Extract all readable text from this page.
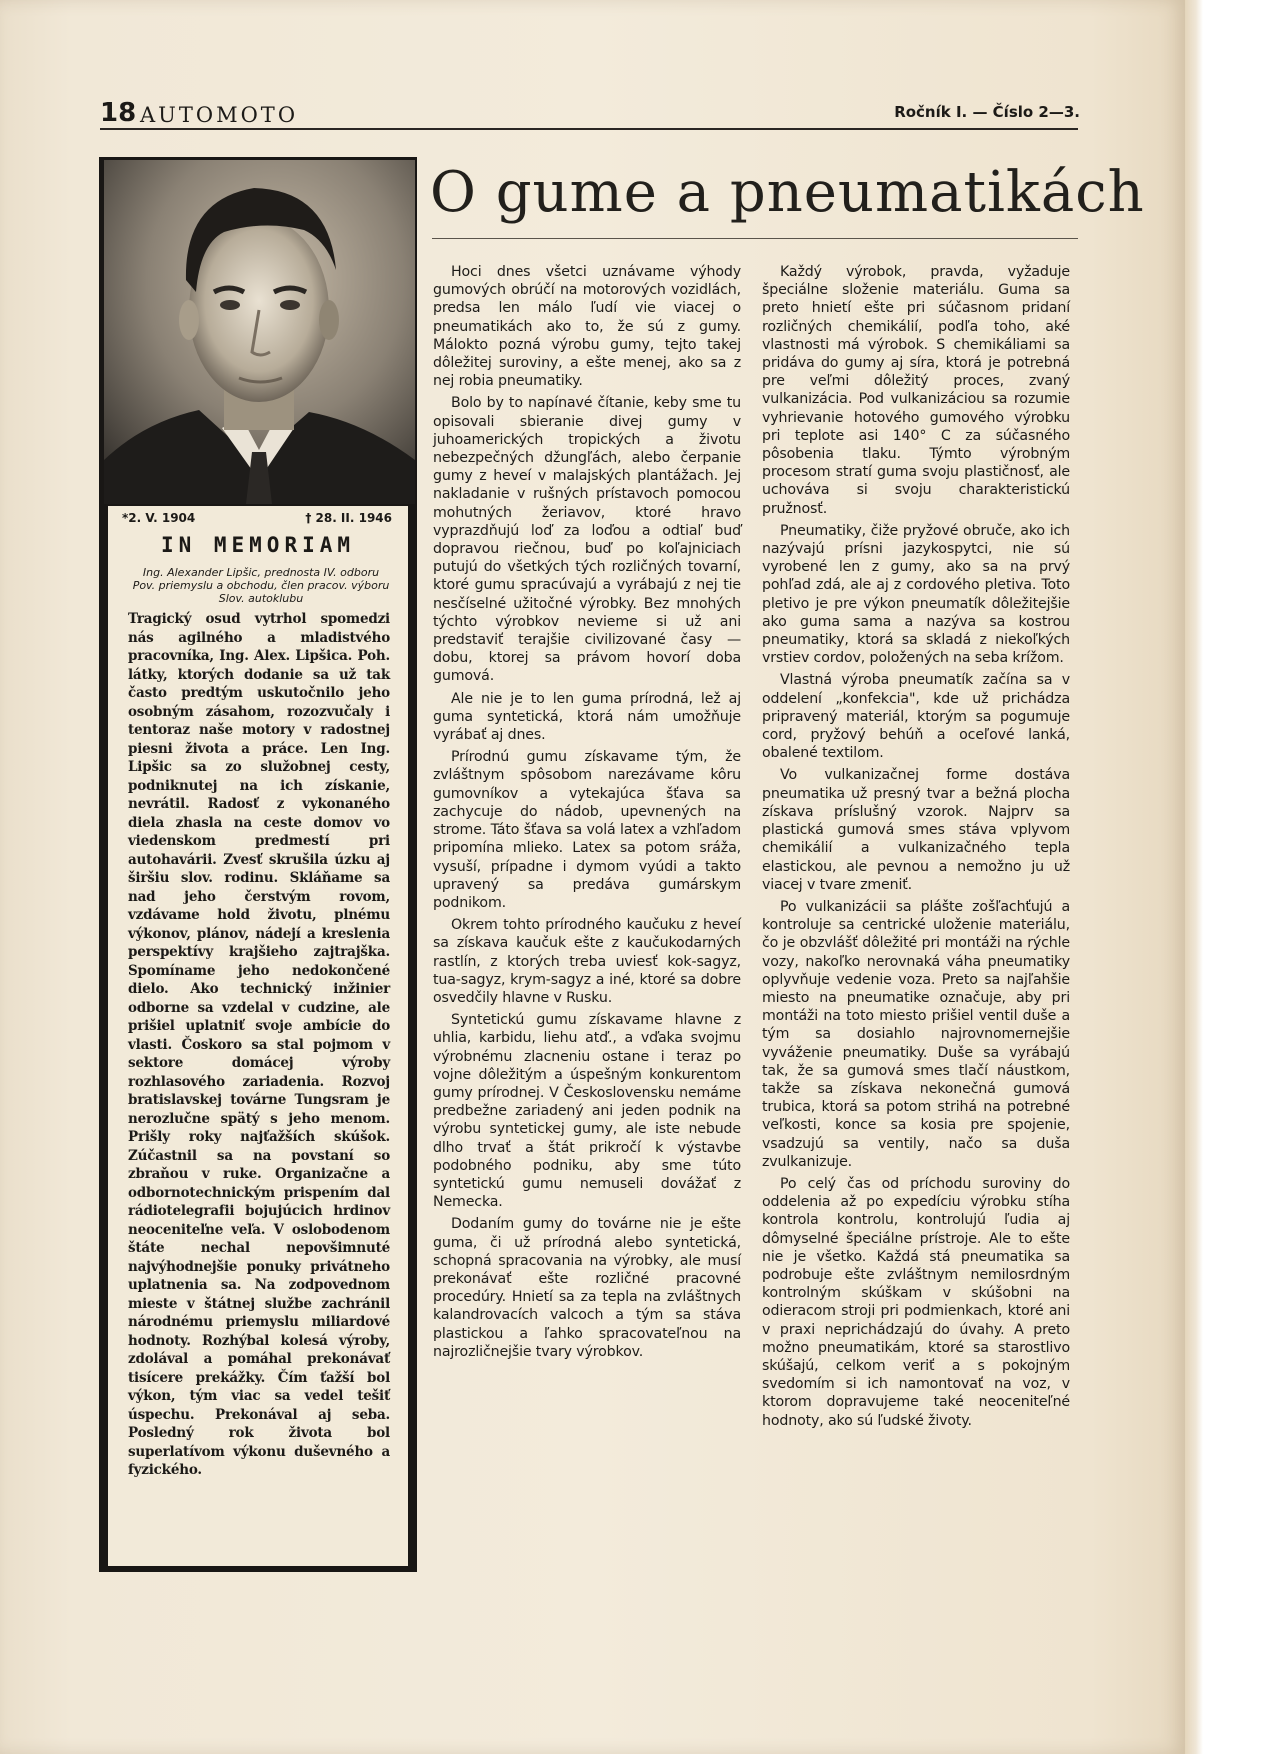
18 AUTOMOTO	Ročník I. — Číslo 2—3.
*2. V. 1904	† 28. II. 1946
IN MEMORIAM
Ing. Alexander Lipšic, prednosta IV. odboru Pov. priemyslu a obchodu, člen pracov. výboru Slov. autoklubu
Tragický osud vytrhol spomedzi nás agilného a mladistvého pracovníka, Ing. Alex. Lipšica. Poh. látky, ktorých dodanie sa už tak často predtým uskutočnilo jeho osobným zásahom, rozozvučaly i tentoraz naše motory v radostnej piesni života a práce. Len Ing. Lipšic sa zo služobnej cesty, podniknutej na ich získanie, nevrátil. Radosť z vykonaného diela zhasla na ceste domov vo viedenskom predmestí pri autohavárii. Zvesť skrušila úzku aj širšiu slov. rodinu. Skláňame sa nad jeho čerstvým rovom, vzdávame hold životu, plnému výkonov, plánov, nádejí a kreslenia perspektívy krajšieho zajtrajška. Spomíname jeho nedokončené dielo. Ako technický inžinier odborne sa vzdelal v cudzine, ale prišiel uplatniť svoje ambície do vlasti. Čoskoro sa stal pojmom v sektore domácej výroby rozhlasového zariadenia. Rozvoj bratislavskej továrne Tungsram je nerozlučne spätý s jeho menom. Prišly roky najťažších skúšok. Zúčastnil sa na povstaní so zbraňou v ruke. Organizačne a odbornotechnickým prispením dal rádiotelegrafii bojujúcich hrdinov neoceniteľne veľa. V oslobodenom štáte nechal nepovšimnuté najvýhodnejšie ponuky privátneho uplatnenia sa. Na zodpovednom mieste v štátnej službe zachránil národnému priemyslu miliardové hodnoty. Rozhýbal kolesá výroby, zdolával a pomáhal prekonávať tisícere prekážky. Čím ťažší bol výkon, tým viac sa vedel tešiť úspechu. Prekonával aj seba. Posledný rok života bol superlatívom výkonu duševného a fyzického.
O gume a pneumatikách

Hoci dnes všetci uznávame výhody gumových obrúčí na motorových vozidlách, predsa len málo ľudí vie viacej o pneumatikách ako to, že sú z gumy. Málokto pozná výrobu gumy, tejto takej dôležitej suroviny, a ešte menej, ako sa z nej robia pneumatiky.

Bolo by to napínavé čítanie, keby sme tu opisovali sbieranie divej gumy v juhoamerických tropických a životu nebezpečných džungľách, alebo čerpanie gumy z heveí v malajských plantážach. Jej nakladanie v rušných prístavoch pomocou mohutných žeriavov, ktoré hravo vyprazdňujú loď za loďou a odtiaľ buď dopravou riečnou, buď po koľajniciach putujú do všetkých tých rozličných tovarní, ktoré gumu spracúvajú a vyrábajú z nej tie nesčíselné užitočné výrobky. Bez mnohých týchto výrobkov nevieme si už ani predstaviť terajšie civilizované časy — dobu, ktorej sa právom hovorí doba gumová.

Ale nie je to len guma prírodná, lež aj guma syntetická, ktorá nám umožňuje vyrábať aj dnes.

Prírodnú gumu získavame tým, že zvláštnym spôsobom narezávame kôru gumovníkov a vytekajúca šťava sa zachycuje do nádob, upevnených na strome. Táto šťava sa volá latex a vzhľadom pripomína mlieko. Latex sa potom sráža, vysuší, prípadne i dymom vyúdi a takto upravený sa predáva gumárskym podnikom.

Okrem tohto prírodného kaučuku z heveí sa získava kaučuk ešte z kaučukodarných rastlín, z ktorých treba uviesť kok-sagyz, tua-sagyz, krym-sagyz a iné, ktoré sa dobre osvedčily hlavne v Rusku.

Syntetickú gumu získavame hlavne z uhlia, karbidu, liehu atď., a vďaka svojmu výrobnému zlacneniu ostane i teraz po vojne dôležitým a úspešným konkurentom gumy prírodnej. V Československu nemáme predbežne zariadený ani jeden podnik na výrobu syntetickej gumy, ale iste nebude dlho trvať a štát prikročí k výstavbe podobného podniku, aby sme túto syntetickú gumu nemuseli dovážať z Nemecka.

Dodaním gumy do továrne nie je ešte guma, či už prírodná alebo syntetická, schopná spracovania na výrobky, ale musí prekonávať ešte rozličné pracovné procedúry. Hnietí sa za tepla na zvláštnych kalandrovacích valcoch a tým sa stáva plastickou a ľahko spracovateľnou na najrozličnejšie tvary výrobkov.

Každý výrobok, pravda, vyžaduje špeciálne složenie materiálu. Guma sa preto hnietí ešte pri súčasnom pridaní rozličných chemikálií, podľa toho, aké vlastnosti má výrobok. S chemikáliami sa pridáva do gumy aj síra, ktorá je potrebná pre veľmi dôležitý proces, zvaný vulkanizácia. Pod vulkanizáciou sa rozumie vyhrievanie hotového gumového výrobku pri teplote asi 140° C za súčasného pôsobenia tlaku. Týmto výrobným procesom stratí guma svoju plastičnosť, ale uchováva si svoju charakteristickú pružnosť.

Pneumatiky, čiže pryžové obruče, ako ich nazývajú prísni jazykospytci, nie sú vyrobené len z gumy, ako sa na prvý pohľad zdá, ale aj z cordového pletiva. Toto pletivo je pre výkon pneumatík dôležitejšie ako guma sama a nazýva sa kostrou pneumatiky, ktorá sa skladá z niekoľkých vrstiev cordov, položených na seba krížom.

Vlastná výroba pneumatík začína sa v oddelení „konfekcia", kde už prichádza pripravený materiál, ktorým sa pogumuje cord, pryžový behúň a oceľové lanká, obalené textilom.

Vo vulkanizačnej forme dostáva pneumatika už presný tvar a bežná plocha získava príslušný vzorok. Najprv sa plastická gumová smes stáva vplyvom chemikálií a vulkanizačného tepla elastickou, ale pevnou a nemožno ju už viacej v tvare zmeniť.

Po vulkanizácii sa plášte zošľachťujú a kontroluje sa centrické uloženie materiálu, čo je obzvlášť dôležité pri montáži na rýchle vozy, nakoľko nerovnaká váha pneumatiky oplyvňuje vedenie voza. Preto sa najľahšie miesto na pneumatike označuje, aby pri montáži na toto miesto prišiel ventil duše a tým sa dosiahlo najrovnomernejšie vyváženie pneumatiky. Duše sa vyrábajú tak, že sa gumová smes tlačí náustkom, takže sa získava nekonečná gumová trubica, ktorá sa potom strihá na potrebné veľkosti, konce sa kosia pre spojenie, vsadzujú sa ventily, načo sa duša zvulkanizuje.

Po celý čas od príchodu suroviny do oddelenia až po expedíciu výrobku stíha kontrola kontrolu, kontrolujú ľudia aj dômyselné špeciálne prístroje. Ale to ešte nie je všetko. Každá stá pneumatika sa podrobuje ešte zvláštnym nemilosrdným kontrolným skúškam v skúšobni na odieracom stroji pri podmienkach, ktoré ani v praxi neprichádzajú do úvahy. A preto možno pneumatikám, ktoré sa starostlivo skúšajú, celkom veriť a s pokojným svedomím si ich namontovať na voz, v ktorom dopravujeme také neoceniteľné hodnoty, ako sú ľudské životy.
